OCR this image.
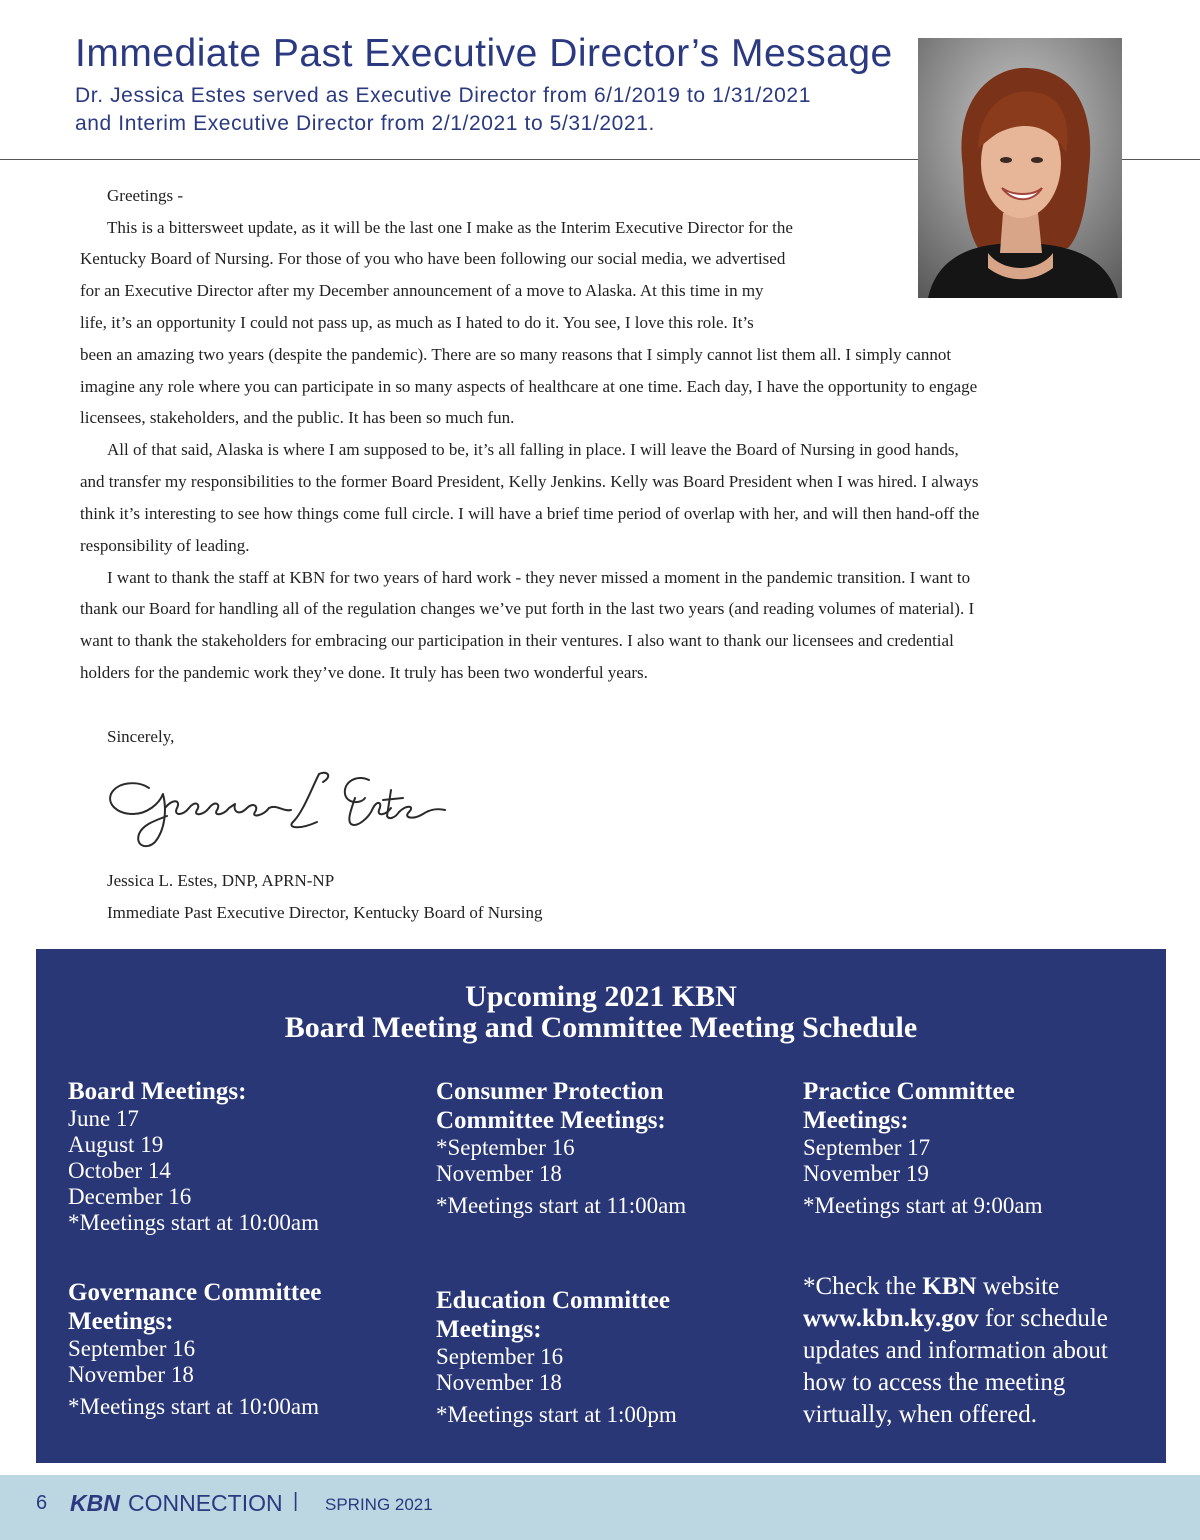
Immediate Past Executive Director’s Message
Dr. Jessica Estes served as Executive Director from 6/1/2019 to 1/31/2021
and Interim Executive Director from 2/1/2021 to 5/31/2021.
Greetings -
This is a bittersweet update, as it will be the last one I make as the Interim Executive Director for the
Kentucky Board of Nursing. For those of you who have been following our social media, we advertised
for an Executive Director after my December announcement of a move to Alaska. At this time in my
life, it’s an opportunity I could not pass up, as much as I hated to do it. You see, I love this role. It’s
been an amazing two years (despite the pandemic). There are so many reasons that I simply cannot list them all. I simply cannot
imagine any role where you can participate in so many aspects of healthcare at one time. Each day, I have the opportunity to engage
licensees, stakeholders, and the public. It has been so much fun.
All of that said, Alaska is where I am supposed to be, it’s all falling in place. I will leave the Board of Nursing in good hands,
and transfer my responsibilities to the former Board President, Kelly Jenkins. Kelly was Board President when I was hired. I always
think it’s interesting to see how things come full circle. I will have a brief time period of overlap with her, and will then hand-off the
responsibility of leading.
I want to thank the staff at KBN for two years of hard work - they never missed a moment in the pandemic transition. I want to
thank our Board for handling all of the regulation changes we’ve put forth in the last two years (and reading volumes of material). I
want to thank the stakeholders for embracing our participation in their ventures. I also want to thank our licensees and credential
holders for the pandemic work they’ve done. It truly has been two wonderful years.
Sincerely,
Jessica L. Estes, DNP, APRN-NP
Immediate Past Executive Director, Kentucky Board of Nursing
Upcoming 2021 KBN
Board Meeting and Committee Meeting Schedule
Board Meetings:
June 17
August 19
October 14
December 16
*Meetings start at 10:00am
Consumer Protection
Committee Meetings:
*September 16
November 18
*Meetings start at 11:00am
Practice Committee
Meetings:
September 17
November 19
*Meetings start at 9:00am
Governance Committee
Meetings:
September 16
November 18
*Meetings start at 10:00am
Education Committee
Meetings:
September 16
November 18
*Meetings start at 1:00pm
*Check the KBN website
www.kbn.ky.gov for schedule
updates and information about
how to access the meeting
virtually, when offered.
6 KBN CONNECTION | SPRING 2021
